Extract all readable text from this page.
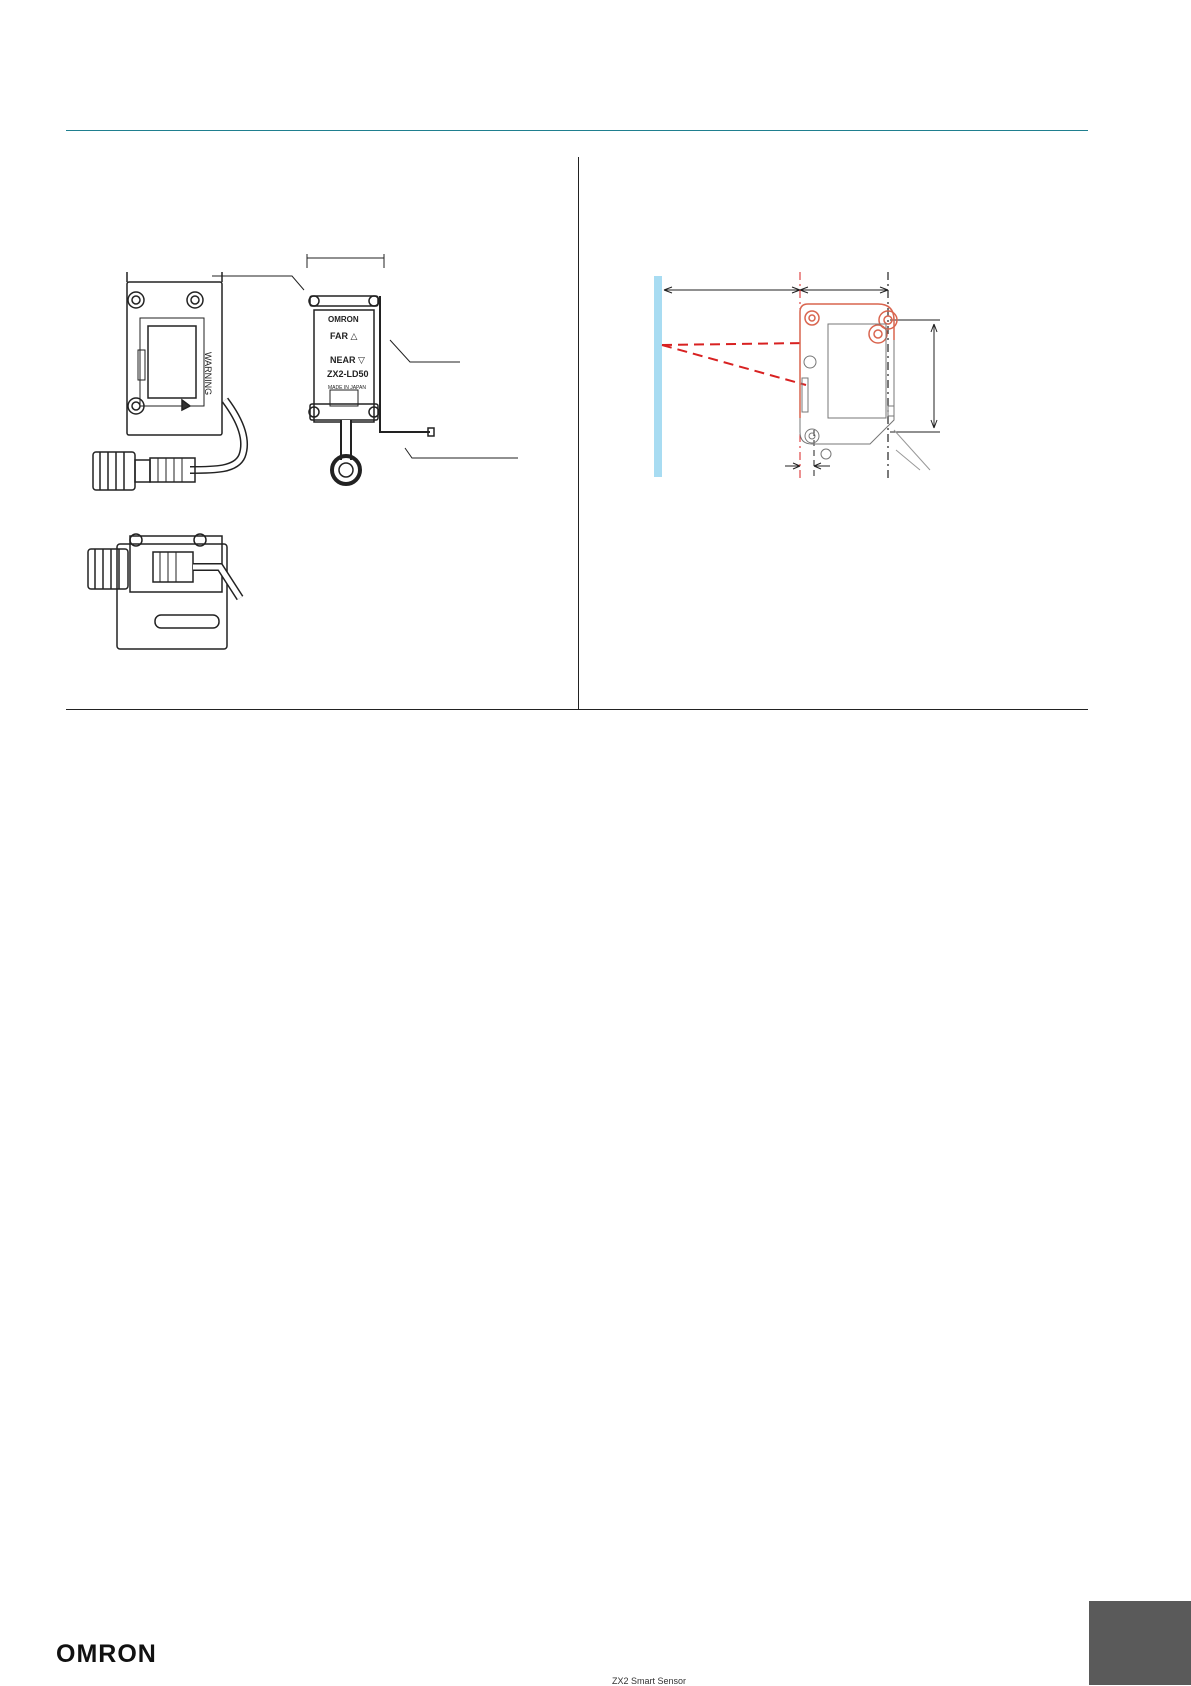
WARNING
OMRON
FAR △
NEAR ▽
ZX2-LD50
MADE IN JAPAN
OMRON
ZX2 Smart Sensor
